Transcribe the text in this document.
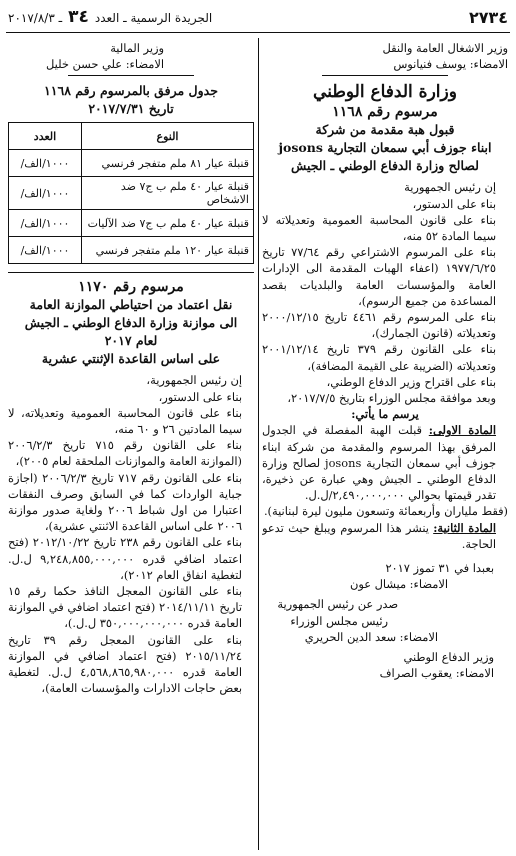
٢٧٣٤
الجريدة الرسمية ـ العدد
٣٤
ـ ٢٠١٧/٨/٣

وزير الاشغال العامة والنقل

الامضاء: يوسف فنيانوس

وزارة الدفاع الوطني
مرسوم رقم ١١٦٨

قبول هبة مقدمة من شركة

ابناء جوزف أبي سمعان التجارية josons

لصالح وزارة الدفاع الوطني ـ الجيش

إن رئيس الجمهورية

بناء على الدستور،

بناء على قانون المحاسبة العمومية وتعديلاته لا سيما المادة ٥٢ منه،

بناء على المرسوم الاشتراعي رقم ٧٧/٦٤ تاريخ ١٩٧٧/٦/٢٥ (اعفاء الهبات المقدمة الى الإدارات العامة والمؤسسات العامة والبلديات بقصد المساعدة من جميع الرسوم)،

بناء على المرسوم رقم ٤٤٦١ تاريخ ٢٠٠٠/١٢/١٥ وتعديلاته (قانون الجمارك)،

بناء على القانون رقم ٣٧٩ تاريخ ٢٠٠١/١٢/١٤ وتعديلاته (الضريبة على القيمة المضافة)،

بناء على اقتراح وزير الدفاع الوطني،

وبعد موافقة مجلس الوزراء بتاريخ ٢٠١٧/٧/٥،

يرسم ما يأتي:

المادة الاولى: قبلت الهبة المفصلة في الجدول المرفق بهذا المرسوم والمقدمة من شركة ابناء جوزف أبي سمعان التجارية josons لصالح وزارة الدفاع الوطني ـ الجيش وهي عبارة عن ذخيرة، تقدر قيمتها بحوالي ٢,٤٩٠,٠٠٠,٠٠٠/ل.ل.

(فقط ملياران وأربعمائة وتسعون مليون ليرة لبنانية).

المادة الثانية: ينشر هذا المرسوم ويبلغ حيث تدعو الحاجة.

بعبدا في ٣١ تموز ٢٠١٧

الامضاء: ميشال عون

صدر عن رئيس الجمهورية

رئيس مجلس الوزراء

الامضاء: سعد الدين الحريري

وزير الدفاع الوطني

الامضاء: يعقوب الصراف

وزير المالية

الامضاء: علي حسن خليل

جدول مرفق بالمرسوم رقم ١١٦٨

تاريخ ٢٠١٧/٧/٣١

النوع	العدد
قنبلة عيار ٨١ ملم متفجر فرنسي	/١٠٠٠/الف
قنبلة عيار ٤٠ ملم ب ج٧ ضد الاشخاص	/١٠٠٠/الف
قنبلة عيار ٤٠ ملم ب ج٧ ضد الآليات	/١٠٠٠/الف
قنبلة عيار ١٢٠ ملم متفجر فرنسي	/١٠٠٠/الف
مرسوم رقم ١١٧٠

نقل اعتماد من احتياطي الموازنة العامة

الى موازنة وزارة الدفاع الوطني ـ الجيش

لعام ٢٠١٧

على اساس القاعدة الإثنتي عشرية

إن رئيس الجمهورية،

بناء على الدستور،

بناء على قانون المحاسبة العمومية وتعديلاته، لا سيما المادتين ٢٦ و ٦٠ منه،

بناء على القانون رقم ٧١٥ تاريخ ٢٠٠٦/٢/٣ (الموازنة العامة والموازنات الملحقة لعام ٢٠٠٥)،

بناء على القانون رقم ٧١٧ تاريخ ٢٠٠٦/٢/٣ (اجازة جباية الواردات كما في السابق وصرف النفقات اعتبارا من اول شباط ٢٠٠٦ ولغاية صدور موازنة ٢٠٠٦ على اساس القاعدة الاثنتي عشرية)،

بناء على القانون رقم ٢٣٨ تاريخ ٢٠١٢/١٠/٢٢ (فتح اعتماد اضافي قدره ٩,٢٤٨,٨٥٥,٠٠٠,٠٠٠ ل.ل. لتغطية انفاق العام ٢٠١٢)،

بناء على القانون المعجل النافذ حكما رقم ١٥ تاريخ ٢٠١٤/١١/١١ (فتح اعتماد اضافي في الموازنة العامة قدره ٣٥٠,٠٠٠,٠٠٠,٠٠٠ ل.ل.)،

بناء على القانون المعجل رقم ٣٩ تاريخ ٢٠١٥/١١/٢٤ (فتح اعتماد اضافي في الموازنة العامة قدره ٤,٥٦٨,٨٦٥,٩٨٠,٠٠٠ ل.ل. لتغطية بعض حاجات الادارات والمؤسسات العامة)،
